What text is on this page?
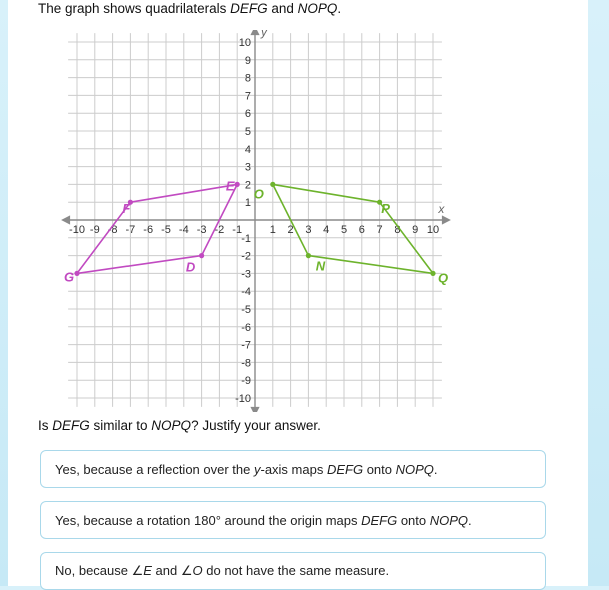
The graph shows quadrilaterals DEFG and NOPQ.

-10 -9 -8 -7 -6 -5 -4 -3 -2 -1	1 2 3 4 5 6 7 8 9 10
-10
-9
-8
-7
-6
-5
-4
-3
-2
-1
1
2
3
4
5
6
7
8
9
10
y
x
D
E
F
G
N
O
P
Q

Is DEFG similar to NOPQ? Justify your answer.

Yes, because a reflection over the y-axis maps DEFG onto NOPQ.
Yes, because a rotation 180° around the origin maps DEFG onto NOPQ.
No, because ∠E and ∠O do not have the same measure.
